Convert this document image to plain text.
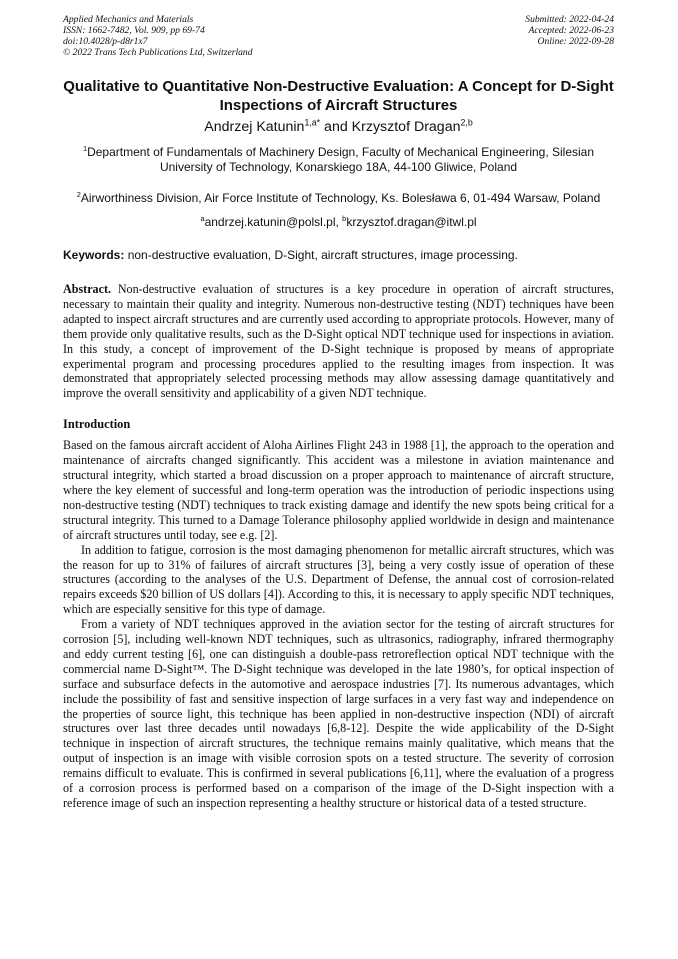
Applied Mechanics and Materials
ISSN: 1662-7482, Vol. 909, pp 69-74
doi:10.4028/p-d8r1x7
© 2022 Trans Tech Publications Ltd, Switzerland
Submitted: 2022-04-24
Accepted: 2022-06-23
Online: 2022-09-28
Qualitative to Quantitative Non-Destructive Evaluation: A Concept for D-Sight Inspections of Aircraft Structures
Andrzej Katunin$^{1,a*}$ and Krzysztof Dragan$^{2,b}$
$^1$Department of Fundamentals of Machinery Design, Faculty of Mechanical Engineering, Silesian University of Technology, Konarskiego 18A, 44-100 Gliwice, Poland
$^2$Airworthiness Division, Air Force Institute of Technology, Ks. Bolesława 6, 01-494 Warsaw, Poland
$^a$andrzej.katunin@polsl.pl, $^b$krzysztof.dragan@itwl.pl
Keywords: non-destructive evaluation, D-Sight, aircraft structures, image processing.
Abstract. Non-destructive evaluation of structures is a key procedure in operation of aircraft structures, necessary to maintain their quality and integrity. Numerous non-destructive testing (NDT) techniques have been adapted to inspect aircraft structures and are currently used according to appropriate protocols. However, many of them provide only qualitative results, such as the D-Sight optical NDT technique used for inspections in aviation. In this study, a concept of improvement of the D-Sight technique is proposed by means of appropriate experimental program and processing procedures applied to the resulting images from inspection. It was demonstrated that appropriately selected processing methods may allow assessing damage quantitatively and improve the overall sensitivity and applicability of a given NDT technique.
Introduction
Based on the famous aircraft accident of Aloha Airlines Flight 243 in 1988 [1], the approach to the operation and maintenance of aircrafts changed significantly. This accident was a milestone in aviation maintenance and structural integrity, which started a broad discussion on a proper approach to maintenance of aircraft structure, where the key element of successful and long-term operation was the introduction of periodic inspections using non-destructive testing (NDT) techniques to track existing damage and identify the new spots being critical for a structural integrity. This turned to a Damage Tolerance philosophy applied worldwide in design and maintenance of aircraft structures until today, see e.g. [2].
In addition to fatigue, corrosion is the most damaging phenomenon for metallic aircraft structures, which was the reason for up to 31% of failures of aircraft structures [3], being a very costly issue of operation of these structures (according to the analyses of the U.S. Department of Defense, the annual cost of corrosion-related repairs exceeds $20 billion of US dollars [4]). According to this, it is necessary to apply specific NDT techniques, which are especially sensitive for this type of damage.
From a variety of NDT techniques approved in the aviation sector for the testing of aircraft structures for corrosion [5], including well-known NDT techniques, such as ultrasonics, radiography, infrared thermography and eddy current testing [6], one can distinguish a double-pass retroreflection optical NDT technique with the commercial name D-Sight™. The D-Sight technique was developed in the late 1980’s, for optical inspection of surface and subsurface defects in the automotive and aerospace industries [7]. Its numerous advantages, which include the possibility of fast and sensitive inspection of large surfaces in a very fast way and independence on the properties of source light, this technique has been applied in non-destructive inspection (NDI) of aircraft structures over last three decades until nowadays [6,8-12]. Despite the wide applicability of the D-Sight technique in inspection of aircraft structures, the technique remains mainly qualitative, which means that the output of inspection is an image with visible corrosion spots on a tested structure. The severity of corrosion remains difficult to evaluate. This is confirmed in several publications [6,11], where the evaluation of a progress of a corrosion process is performed based on a comparison of the image of the D-Sight inspection with a reference image of such an inspection representing a healthy structure or historical data of a tested structure.
